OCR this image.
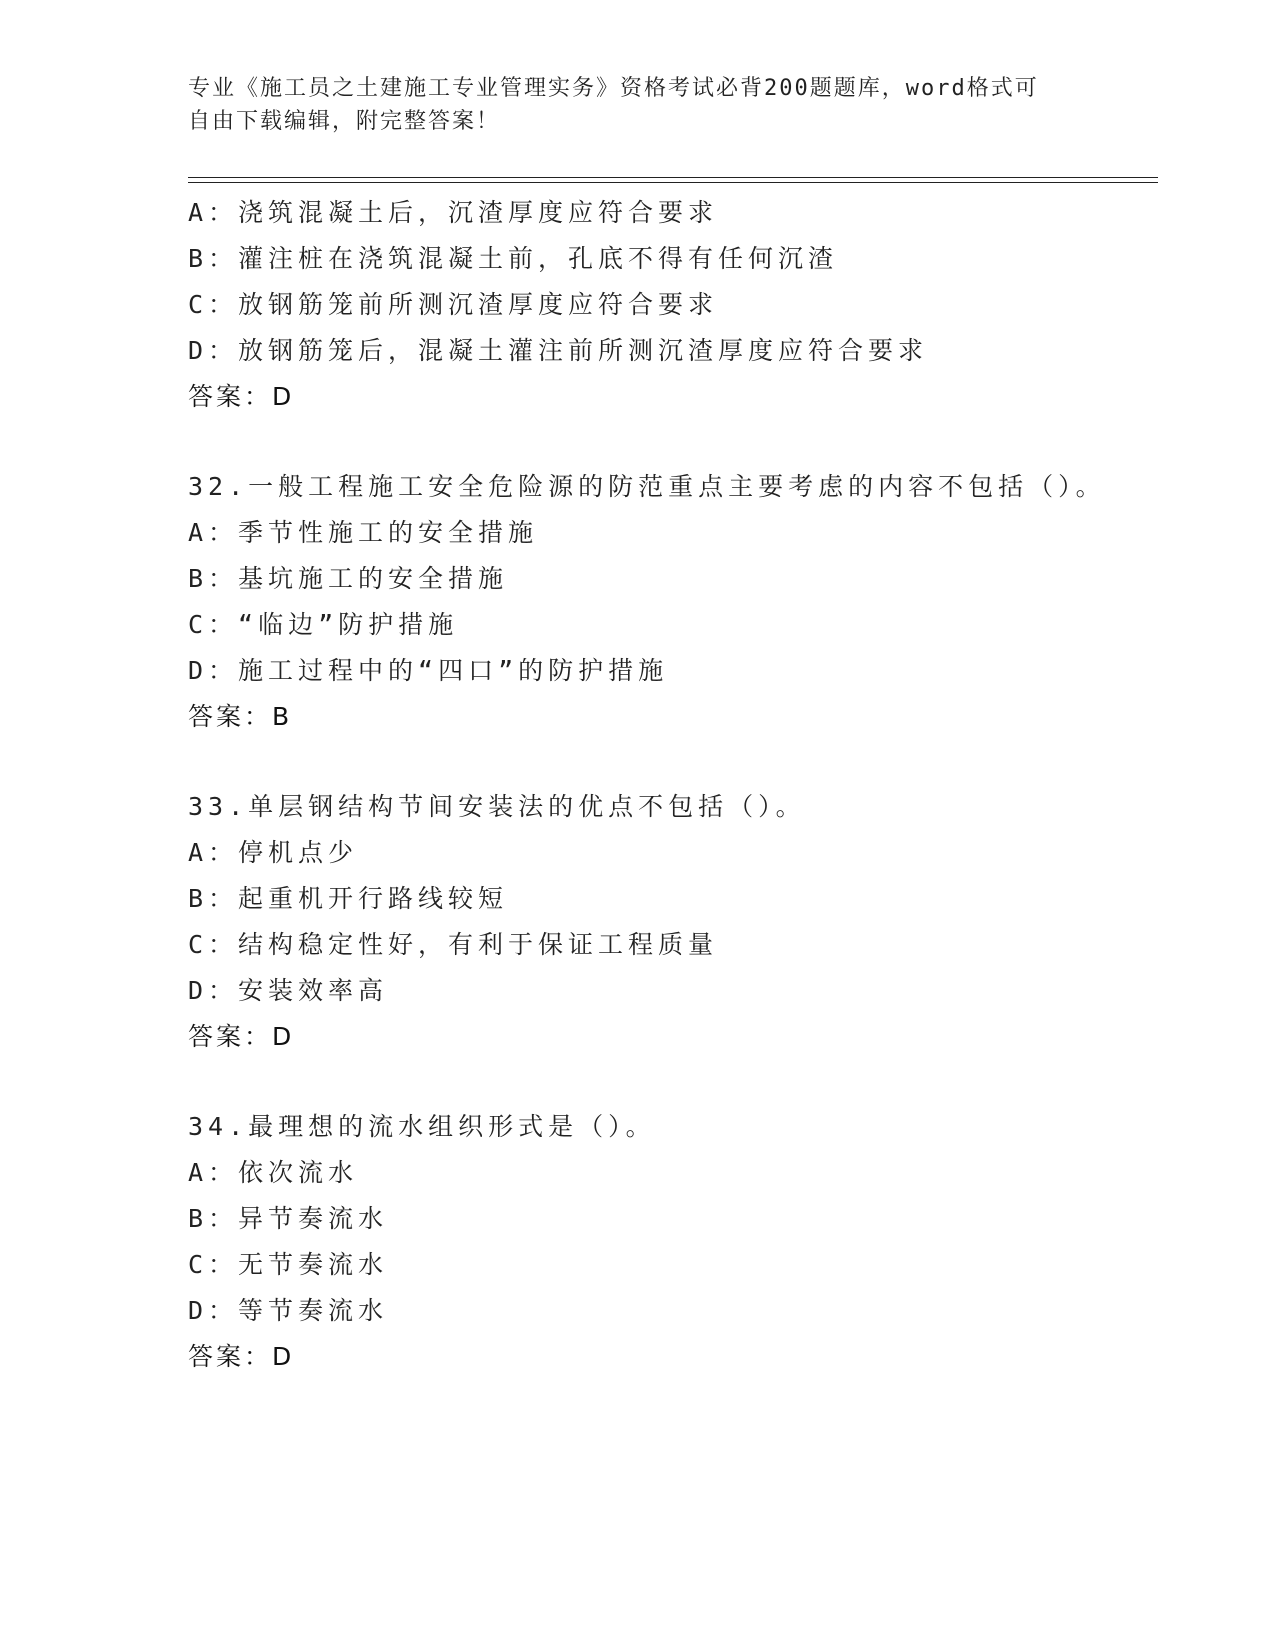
专业《施工员之土建施工专业管理实务》资格考试必背200题题库，word格式可
自由下载编辑，附完整答案！
A：浇筑混凝土后，沉渣厚度应符合要求
B：灌注桩在浇筑混凝土前，孔底不得有任何沉渣
C：放钢筋笼前所测沉渣厚度应符合要求
D：放钢筋笼后，混凝土灌注前所测沉渣厚度应符合要求
答案：D
32.一般工程施工安全危险源的防范重点主要考虑的内容不包括（）。
A：季节性施工的安全措施
B：基坑施工的安全措施
C：“临边”防护措施
D：施工过程中的“四口”的防护措施
答案：B
33.单层钢结构节间安装法的优点不包括（）。
A：停机点少
B：起重机开行路线较短
C：结构稳定性好，有利于保证工程质量
D：安装效率高
答案：D
34.最理想的流水组织形式是（）。
A：依次流水
B：异节奏流水
C：无节奏流水
D：等节奏流水
答案：D
